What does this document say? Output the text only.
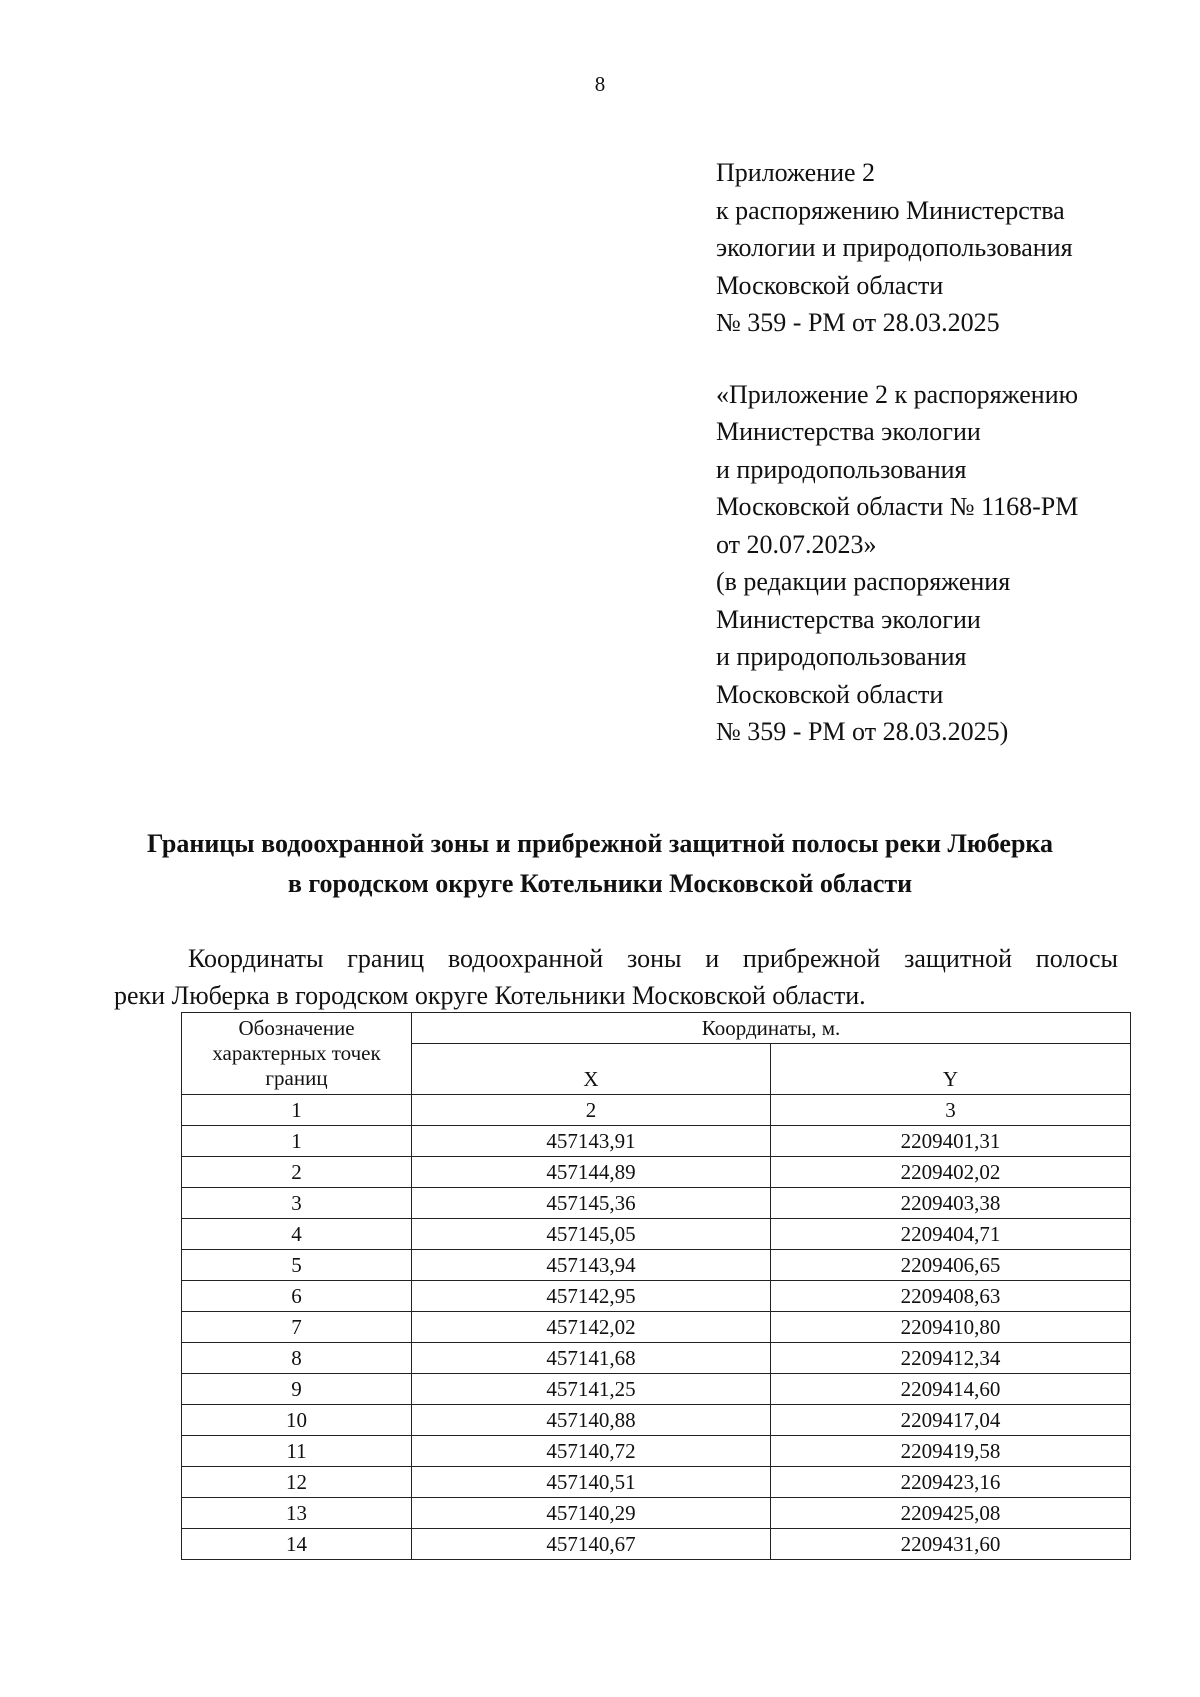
8
Приложение 2
к распоряжению Министерства
экологии и природопользования
Московской области
№ 359 - РМ от 28.03.2025
«Приложение 2 к распоряжению
Министерства экологии
и природопользования
Московской области № 1168-РМ
от 20.07.2023»
(в редакции распоряжения
Министерства экологии
и природопользования
Московской области
№ 359 - РМ от 28.03.2025)
Границы водоохранной зоны и прибрежной защитной полосы реки Люберка
в городском округе Котельники Московской области
Координаты границ водоохранной зоны и прибрежной защитной полосы
реки Люберка в городском округе Котельники Московской области.
Обозначение характерных точек границ	Координаты, м.	
	X	Y
1	2	3
1	457143,91	2209401,31
2	457144,89	2209402,02
3	457145,36	2209403,38
4	457145,05	2209404,71
5	457143,94	2209406,65
6	457142,95	2209408,63
7	457142,02	2209410,80
8	457141,68	2209412,34
9	457141,25	2209414,60
10	457140,88	2209417,04
11	457140,72	2209419,58
12	457140,51	2209423,16
13	457140,29	2209425,08
14	457140,67	2209431,60
